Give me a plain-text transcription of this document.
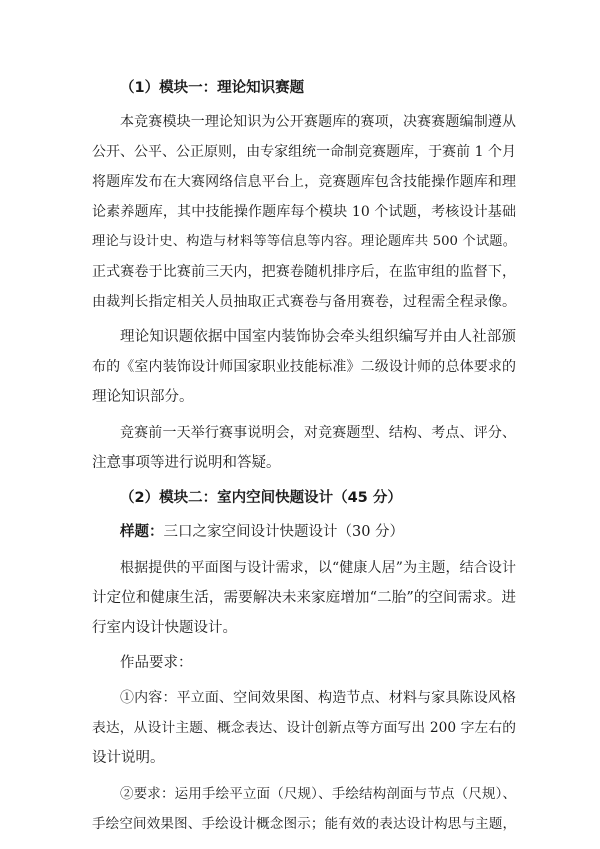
（1）模块一：理论知识赛题
本竞赛模块一理论知识为公开赛题库的赛项，决赛赛题编制遵从
公开、公平、公正原则，由专家组统一命制竞赛题库，于赛前 1 个月
将题库发布在大赛网络信息平台上，竞赛题库包含技能操作题库和理
论素养题库，其中技能操作题库每个模块 10 个试题，考核设计基础
理论与设计史、构造与材料等等信息等内容。理论题库共 500 个试题。
正式赛卷于比赛前三天内，把赛卷随机排序后，在监审组的监督下，
由裁判长指定相关人员抽取正式赛卷与备用赛卷，过程需全程录像。
理论知识题依据中国室内装饰协会牵头组织编写并由人社部颁
布的《室内装饰设计师国家职业技能标准》二级设计师的总体要求的
理论知识部分。
竞赛前一天举行赛事说明会，对竞赛题型、结构、考点、评分、
注意事项等进行说明和答疑。
（2）模块二：室内空间快题设计（45 分）
样题：三口之家空间设计快题设计（30 分）
根据提供的平面图与设计需求，以“健康人居”为主题，结合设计
计定位和健康生活，需要解决未来家庭增加“二胎”的空间需求。进
行室内设计快题设计。
作品要求：
①内容：平立面、空间效果图、构造节点、材料与家具陈设风格
表达，从设计主题、概念表达、设计创新点等方面写出 200 字左右的
设计说明。
②要求：运用手绘平立面（尺规）、手绘结构剖面与节点（尺规）、
手绘空间效果图、手绘设计概念图示；能有效的表达设计构思与主题，
